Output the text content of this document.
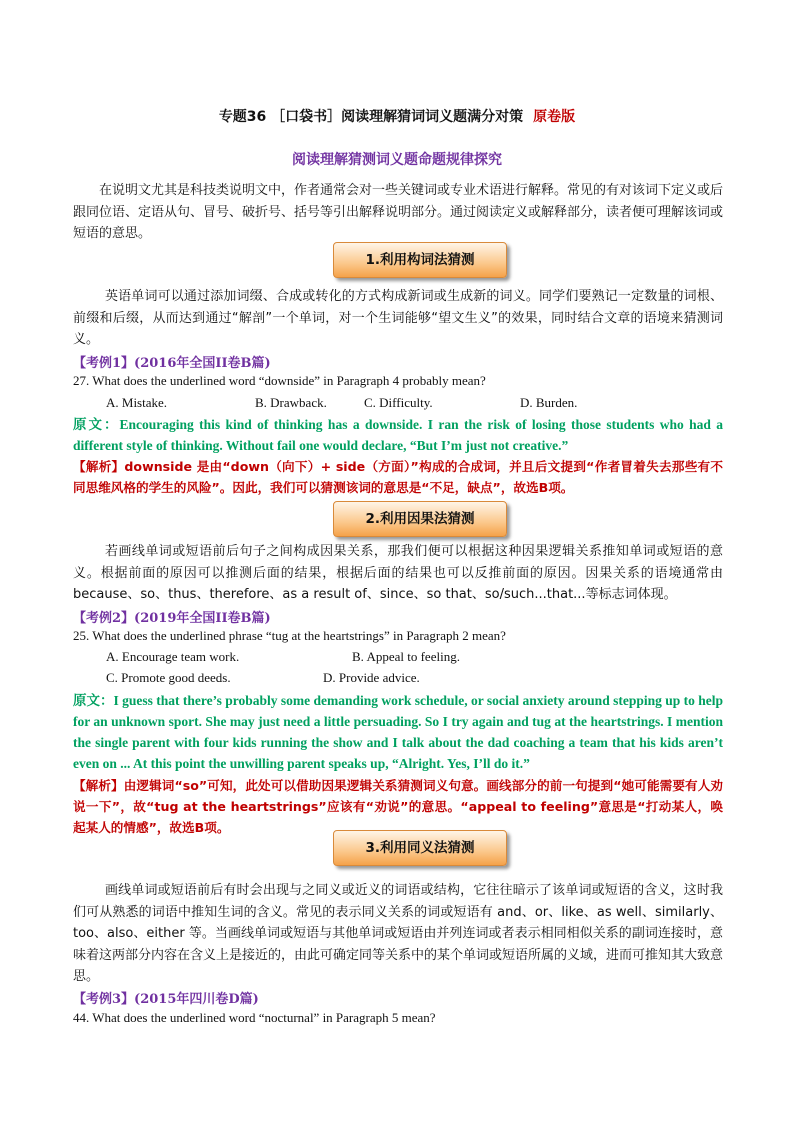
专题36 ［口袋书］阅读理解猜词词义题满分对策 原卷版
阅读理解猜测词义题命题规律探究
在说明文尤其是科技类说明文中，作者通常会对一些关键词或专业术语进行解释。常见的有对该词下定义或后跟同位语、定语从句、冒号、破折号、括号等引出解释说明部分。通过阅读定义或解释部分，读者便可理解该词或短语的意思。
1.利用构词法猜测
英语单词可以通过添加词缀、合成或转化的方式构成新词或生成新的词义。同学们要熟记一定数量的词根、前缀和后缀，从而达到通过“解剖”一个单词，对一个生词能够“望文生义”的效果，同时结合文章的语境来猜测词义。
【考例1】(2016年全国II卷B篇)
27. What does the underlined word “downside” in Paragraph 4 probably mean?
A. Mistake.	B. Drawback.	C. Difficulty.	D. Burden.
原文：Encouraging this kind of thinking has a downside. I ran the risk of losing those students who had a different style of thinking. Without fail one would declare, “But I’m just not creative.”
【解析】downside 是由“down（向下）+ side（方面）”构成的合成词，并且后文提到“作者冒着失去那些有不同思维风格的学生的风险”。因此，我们可以猜测该词的意思是“不足，缺点”，故选B项。
2.利用因果法猜测
若画线单词或短语前后句子之间构成因果关系，那我们便可以根据这种因果逻辑关系推知单词或短语的意义。根据前面的原因可以推测后面的结果，根据后面的结果也可以反推前面的原因。因果关系的语境通常由 because、so、thus、therefore、as a result of、since、so that、so/such...that...等标志词体现。
【考例2】(2019年全国II卷B篇)
25. What does the underlined phrase “tug at the heartstrings” in Paragraph 2 mean?
A. Encourage team work.	B. Appeal to feeling.
C. Promote good deeds.	D. Provide advice.
原文：I guess that there’s probably some demanding work schedule, or social anxiety around stepping up to help for an unknown sport. She may just need a little persuading. So I try again and tug at the heartstrings. I mention the single parent with four kids running the show and I talk about the dad coaching a team that his kids aren’t even on ... At this point the unwilling parent speaks up, “Alright. Yes, I’ll do it.”
【解析】由逻辑词“so”可知，此处可以借助因果逻辑关系猜测词义句意。画线部分的前一句提到“她可能需要有人劝说一下”，故“tug at the heartstrings”应该有“劝说”的意思。“appeal to feeling”意思是“打动某人，唤起某人的情感”，故选B项。
3.利用同义法猜测
画线单词或短语前后有时会出现与之同义或近义的词语或结构，它往往暗示了该单词或短语的含义，这时我们可从熟悉的词语中推知生词的含义。常见的表示同义关系的词或短语有 and、or、like、as well、similarly、too、also、either 等。当画线单词或短语与其他单词或短语由并列连词或者表示相同相似关系的副词连接时，意味着这两部分内容在含义上是接近的，由此可确定同等关系中的某个单词或短语所属的义域，进而可推知其大致意思。
【考例3】(2015年四川卷D篇)
44. What does the underlined word “nocturnal” in Paragraph 5 mean?
